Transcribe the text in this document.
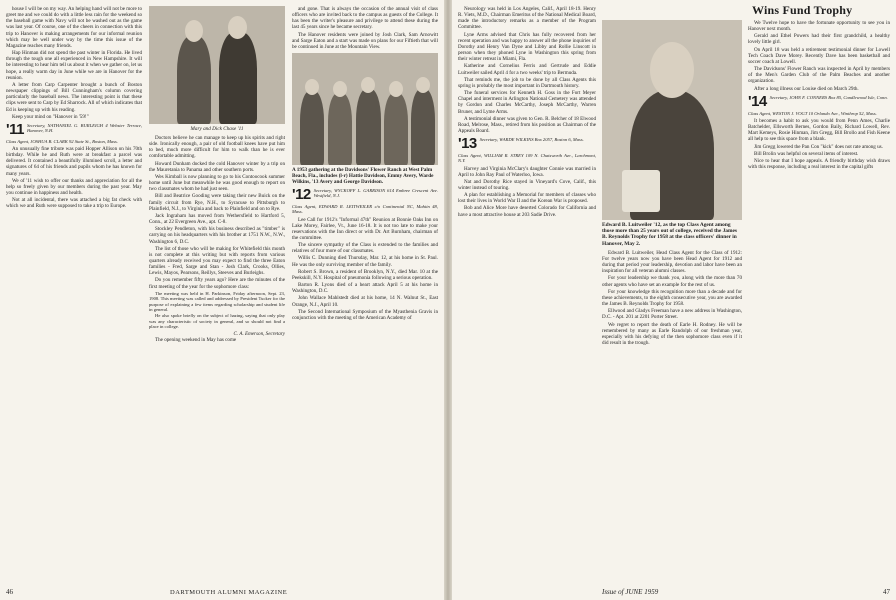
house I will be on my way. An helping hand will not be more to greet me and we could do with a little less rain for the weekend so the baseball game with Navy will not be washed out as the game was last year. Of course, one of the cheers in connection with this trip to Hanover is making arrangements for our informal reunion which may be well under way by the time this issue of the Magazine reaches many friends.

Hap Hinman did not spend the past winter in Florida. He lived through the tough one all experienced in New Hampshire. It will be interesting to hear him tell us about it when we gather on, let us hope, a really warm day in June while we are in Hanover for the reunion.

A letter from Carp Carpenter brought a bunch of Boston newspaper clippings of Bill Cunningham's column covering particularly the baseball news. The interesting point is that these clips were sent to Carp by Ed Sharrock. All of which indicates that Ed is keeping up with his reading.

Keep your mind on "Hanover in '59!"

'11 Secretary, NATHANIEL G. BURLEIGH 4 Webster Terrace, Hanover, N.H.
Class Agent, JOSHUA B. CLARK 92 State St., Boston, Mass.

An unusually fine tribute was paid Hopper Allison on his 70th birthday. While he and Ruth were at breakfast a parcel was delivered. It contained a beautifully illumined scroll, a letter and signatures of 64 of his friends and pupils whom he has known for many years.

We of '11 wish to offer our thanks and appreciation for all the help so freely given by our members during the past year. May you continue in happiness and health.

Not at all incidental, there was attached a big fat check with which we and Ruth were supposed to take a trip to Europe.

Mary and Dick Chase '11

Doctors believe he can manage to keep up his spirits and right side. Ironically enough, a pair of old football knees have put him to bed, much more difficult for him to walk than he is ever comfortable admitting.

Howard Dunham docked the cold Hanover winter by a trip on the Mauretania to Panama and other southern ports.

Wes Kimball is now planning to go to his Contoocook summer home until June but meanwhile he was good enough to report on two classmates whom he had just seen.

Bill and Beatrice Gooding were taking their new Buick on the family circuit from Rye, N.H., to Syracuse to Pittsburgh to Plainfield, N.J., to Virginia and back to Plainfield and on to Rye.

Jack Ingraham has moved from Wethersfield to Hartford 5, Conn., at 22 Evergreen Ave., apt. C-8.

Stockley Pendleton, with his business described as "timber" is carrying on his headquarters with his brother at 1751 N.W., N.W., Washington 6, D.C.

The list of those who will be making for Whitefield this month is not complete at this writing but with reports from various quarters already received you may expect to find the three Eaton families - Fred, Sarge and Stan - Josh Clark, Crooks, Ollies, Lewis, Mayos, Pearsons, Reillys, Steeves and Burleighs.

Do you remember fifty years ago? Here are the minutes of the first meeting of the year for the sophomore class:

The meeting was held in H. Parkinson, Friday afternoon, Sept. 23, 1908. This meeting was called and addressed by President Tucker for the purpose of explaining a few items regarding scholarship and student life in general.

He also spoke briefly on the subject of hazing, saying that only play was any characteristic of society in general, and so should not find a place in college.

C. A. Emerson, Secretary

The opening weekend in May has come

and gone. That is always the occasion of the annual visit of class officers who are invited back to the campus as guests of the College. It has been the writer's pleasure and privilege to attend these during the last 45 years since he became secretary.

The Hanover residents were joined by Josh Clark, Sam Arnowitt and Sarge Eaton and a start was made on plans for our Fiftieth that will be continued in June at the Mountain View.

A 1953 gathering at the Davidsons' Flower Ranch at West Palm Beach, Fla., includes (l-r) Hattie Davidson, Emmy Avery, Warde Wilkins, '13 Avery and George Davidson.
'12 Secretary, WYCKOFF L. GARRISON 614 Embree Crescent Ave. Westfield, N.J.
Class Agent, EDWARD R. LEITWEILER c/o Continental NC, Mahtin 48, Mass.

Lee Call for 1912's "Informal 47th" Reunion at Bonnie Oaks Inn on Lake Morey, Fairlee, Vt., June 16-18. It is not too late to make your reservations with the Inn direct or with Dr. Art Burnham, chairman of the committee.

The sincere sympathy of the Class is extended to the families and relatives of four more of our classmates.

Willis C. Dunning died Thursday, Mar. 12, at his home in St. Paul. He was the only surviving member of the family.

Robert S. Brown, a resident of Brooklyn, N.Y., died Mar. 10 at the Peekskill, N.Y. Hospital of pneumonia following a serious operation.

Barton R. Lyons died of a heart attack April 5 at his home in Washington, D.C.

John Wallace Mahlstedt died at his home, 14 N. Walnut St., East Orange, N.J., April 10.

The Second International Symposium of the Myasthenia Gravis in conjunction with the meeting of the American Academy of

46	DARTMOUTH ALUMNI MAGAZINE
Wins Fund Trophy

Neurology was held in Los Angeles, Calif., April 18-19. Henry R. Viets, M.D., Chairman Emeritus of the National Medical Board, made the introductory remarks as a member of the Program Committee.

Lyne Arms advised that Chris has fully recovered from her recent operation and was happy to answer all the phone inquiries of Dorothy and Henry Van Dyne and Libby and Rollie Linscott in person when they phoned Lyne in Washington this spring from their winter retreat in Miami, Fla.

Katherine and Cornelius Ferris and Gertrude and Eddie Luitweiler sailed April 4 for a two weeks' trip to Bermuda.

That reminds me, the job to be done by all Class Agents this spring is probably the most important in Dartmouth history.

The funeral services for Kenneth H. Goss in the Fort Meyer Chapel and interment in Arlington National Cemetery was attended by Gordon and Charles McCarthy, Joseph McCarthy, Warren Bruner, and Lyme Arms.

A testimonial dinner was given to Gen. R. Belcher of 18 Elwood Road, Melrose, Mass., retired from his position as Chairman of the Appeals Board.

'13 Secretary, WARDE WILKINS Box 2057, Boston 6, Mass.
Class Agent, WILLIAM R. STREY 109 N. Chatsworth Ave., Larchmont, N.Y.

Harvey and Virginia McClary's daughter Connie was married in April to John Ray Paul of Waterloo, Iowa.

Nat and Dorothy Rice stayed in Vineyard's Cove, Calif., this winter instead of touring.

A plan for establishing a Memorial for members of classes who lost their lives in World War II and the Korean War is proposed.

Bob and Alice More have deserted Colorado for California and have a most attractive house at 203 Sadie Drive.

Edward B. Luitweiler '12, as the top Class Agent among those more than 25 years out of college, received the James B. Reynolds Trophy for 1958 at the class officers' dinner in Hanover, May 2.

Edward B. Luitweiler, Head Class Agent for the Class of 1912: For twelve years now you have been Head Agent for 1912 and during that period your leadership, devotion and labor have been an inspiration for all veteran alumni classes.

For your leadership we thank you, along with the more than 70 other agents who have set an example for the rest of us.

For your knowledge this recognition more than a decade and for these achievements, to the eighth consecutive year, you are awarded the James B. Reynolds Trophy for 1958.

Ellwood and Gladys Freeman have a new address in Washington, D.C. - Apt. 201 at 2201 Porter Street.

We regret to report the death of Earle H. Rodney. He will be remembered by many as Earle Randolph of our freshman year, especially with his defying of the then sophomore class even if it did result in the trough.

We Twelve hope to have the fortunate opportunity to see you in Hanover next month.

Gerald and Ethel Powers had their first grandchild, a healthy lovely little girl.

On April 18 was held a retirement testimonial dinner for Lowell Tech Coach Dave Morey. Recently Dave has been basketball and soccer coach at Lowell.

The Davidsons' Flower Ranch was inspected in April by members of the Men's Garden Club of the Palm Beaches and another organization.

After a long illness our Louise died on March 29th.

'14 Secretary, JOHN F. CONNERS Box 85, Candlewood Isle, Conn.
Class Agent, WESTON J. VOGT 10 Orlando Ave., Winthrop 52, Mass.

It becomes a habit to ask you would from Penn Ames, Charlie Batchelder, Ellsworth Bernes, Gordon Baily, Richard Lowell, Rev. Mart Kemeys, Rosie Hinman, Jim Gregg, Bill Brollo and Fish Keene all help to see this space from a blank.

Jim Gregg lowered the Pan Con "kick" does not rate among us.

Bill Brolin was helpful on several items of interest.

Nice to hear that I hope appeals. A friendly birthday wish draws with this response, including a real interest in the capital gifts

Issue of JUNE 1959	47
